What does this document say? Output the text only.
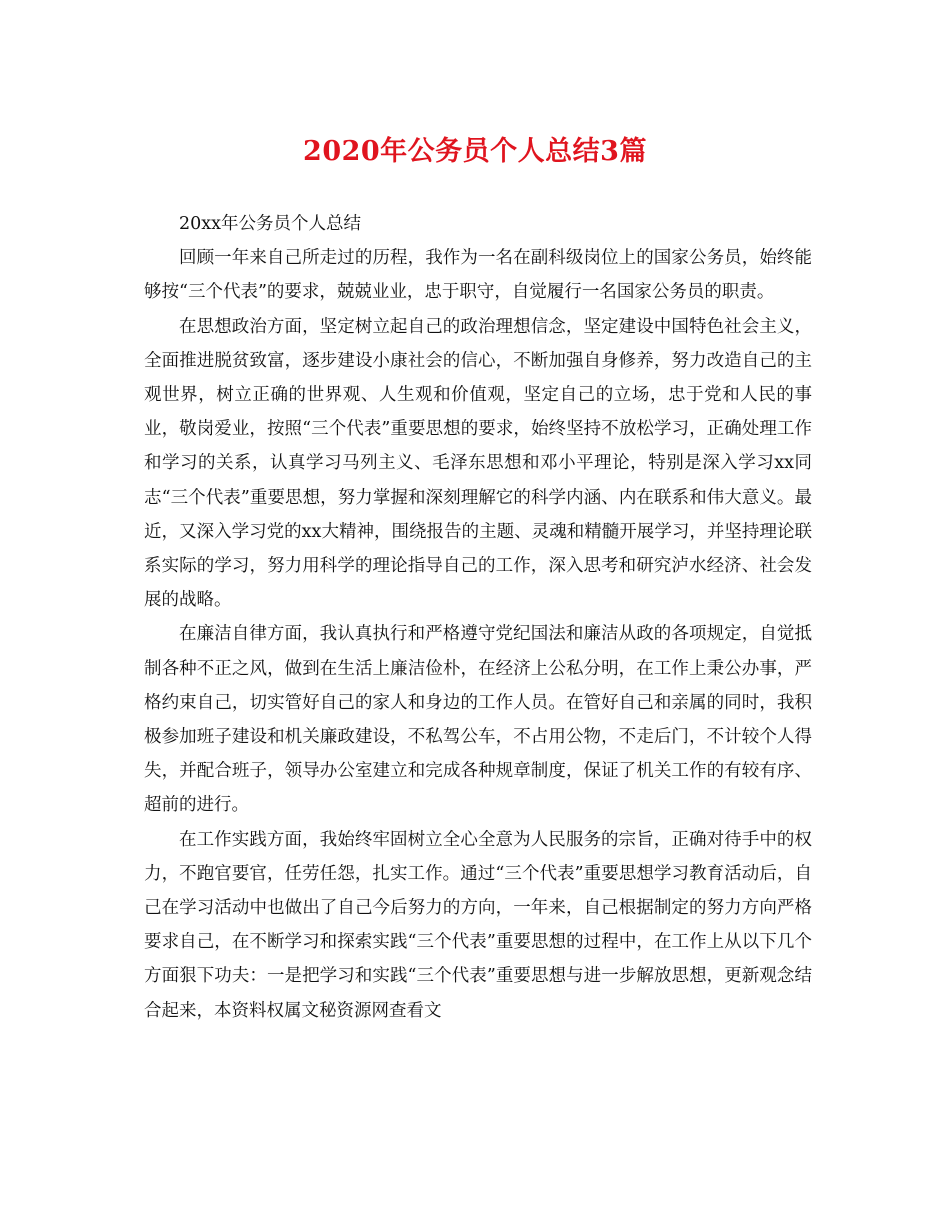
2020年公务员个人总结3篇

20xx年公务员个人总结

回顾一年来自己所走过的历程，我作为一名在副科级岗位上的国家公务员，始终能够按“三个代表”的要求，兢兢业业，忠于职守，自觉履行一名国家公务员的职责。

在思想政治方面，坚定树立起自己的政治理想信念，坚定建设中国特色社会主义，全面推进脱贫致富，逐步建设小康社会的信心，不断加强自身修养，努力改造自己的主观世界，树立正确的世界观、人生观和价值观，坚定自己的立场，忠于党和人民的事业，敬岗爱业，按照“三个代表”重要思想的要求，始终坚持不放松学习，正确处理工作和学习的关系，认真学习马列主义、毛泽东思想和邓小平理论，特别是深入学习xx同志“三个代表”重要思想，努力掌握和深刻理解它的科学内涵、内在联系和伟大意义。最近，又深入学习党的xx大精神，围绕报告的主题、灵魂和精髓开展学习，并坚持理论联系实际的学习，努力用科学的理论指导自己的工作，深入思考和研究泸水经济、社会发展的战略。

在廉洁自律方面，我认真执行和严格遵守党纪国法和廉洁从政的各项规定，自觉抵制各种不正之风，做到在生活上廉洁俭朴，在经济上公私分明，在工作上秉公办事，严格约束自己，切实管好自己的家人和身边的工作人员。在管好自己和亲属的同时，我积极参加班子建设和机关廉政建设，不私驾公车，不占用公物，不走后门，不计较个人得失，并配合班子，领导办公室建立和完成各种规章制度，保证了机关工作的有较有序、超前的进行。

在工作实践方面，我始终牢固树立全心全意为人民服务的宗旨，正确对待手中的权力，不跑官要官，任劳任怨，扎实工作。通过“三个代表”重要思想学习教育活动后，自己在学习活动中也做出了自己今后努力的方向，一年来，自己根据制定的努力方向严格要求自己，在不断学习和探索实践“三个代表”重要思想的过程中，在工作上从以下几个方面狠下功夫：一是把学习和实践“三个代表”重要思想与进一步解放思想，更新观念结合起来，本资料权属文秘资源网查看文
